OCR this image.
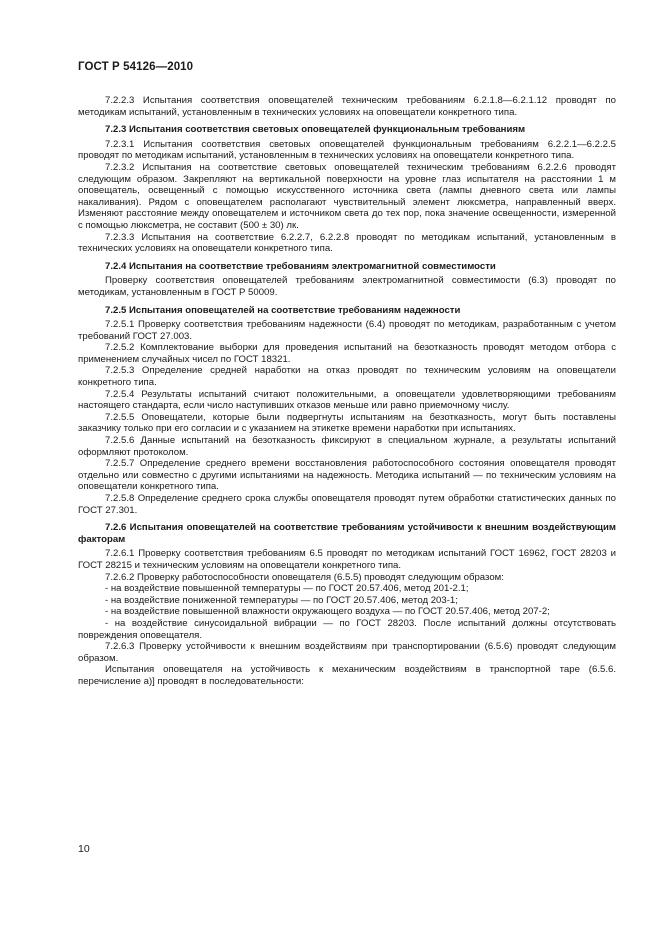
ГОСТ Р 54126—2010
7.2.2.3 Испытания соответствия оповещателей техническим требованиям 6.2.1.8—6.2.1.12 проводят по методикам испытаний, установленным в технических условиях на оповещатели конкретного типа.
7.2.3 Испытания соответствия световых оповещателей функциональным требованиям
7.2.3.1 Испытания соответствия световых оповещателей функциональным требованиям 6.2.2.1—6.2.2.5 проводят по методикам испытаний, установленным в технических условиях на оповещатели конкретного типа.
7.2.3.2 Испытания на соответствие световых оповещателей техническим требованиям 6.2.2.6 проводят следующим образом. Закрепляют на вертикальной поверхности на уровне глаз испытателя на расстоянии 1 м оповещатель, освещенный с помощью искусственного источника света (лампы дневного света или лампы накаливания). Рядом с оповещателем располагают чувствительный элемент люксметра, направленный вверх. Изменяют расстояние между оповещателем и источником света до тех пор, пока значение освещенности, измеренной с помощью люксметра, не составит (500 ± 30) лк.
7.2.3.3 Испытания на соответствие 6.2.2.7, 6.2.2.8 проводят по методикам испытаний, установленным в технических условиях на оповещатели конкретного типа.
7.2.4 Испытания на соответствие требованиям электромагнитной совместимости
Проверку соответствия оповещателей требованиям электромагнитной совместимости (6.3) проводят по методикам, установленным в ГОСТ Р 50009.
7.2.5 Испытания оповещателей на соответствие требованиям надежности
7.2.5.1 Проверку соответствия требованиям надежности (6.4) проводят по методикам, разработанным с учетом требований ГОСТ 27.003.
7.2.5.2 Комплектование выборки для проведения испытаний на безотказность проводят методом отбора с применением случайных чисел по ГОСТ 18321.
7.2.5.3 Определение средней наработки на отказ проводят по техническим условиям на оповещатели конкретного типа.
7.2.5.4 Результаты испытаний считают положительными, а оповещатели удовлетворяющими требованиям настоящего стандарта, если число наступивших отказов меньше или равно приемочному числу.
7.2.5.5 Оповещатели, которые были подвергнуты испытаниям на безотказность, могут быть поставлены заказчику только при его согласии и с указанием на этикетке времени наработки при испытаниях.
7.2.5.6 Данные испытаний на безотказность фиксируют в специальном журнале, а результаты испытаний оформляют протоколом.
7.2.5.7 Определение среднего времени восстановления работоспособного состояния оповещателя проводят отдельно или совместно с другими испытаниями на надежность. Методика испытаний — по техническим условиям на оповещатели конкретного типа.
7.2.5.8 Определение среднего срока службы оповещателя проводят путем обработки статистических данных по ГОСТ 27.301.
7.2.6 Испытания оповещателей на соответствие требованиям устойчивости к внешним воздействующим факторам
7.2.6.1 Проверку соответствия требованиям 6.5 проводят по методикам испытаний ГОСТ 16962, ГОСТ 28203 и ГОСТ 28215 и техническим условиям на оповещатели конкретного типа.
7.2.6.2 Проверку работоспособности оповещателя (6.5.5) проводят следующим образом:
- на воздействие повышенной температуры — по ГОСТ 20.57.406, метод 201-2.1;
- на воздействие пониженной температуры — по ГОСТ 20.57.406, метод 203-1;
- на воздействие повышенной влажности окружающего воздуха — по ГОСТ 20.57.406, метод 207-2;
- на воздействие синусоидальной вибрации — по ГОСТ 28203. После испытаний должны отсутствовать повреждения оповещателя.
7.2.6.3 Проверку устойчивости к внешним воздействиям при транспортировании (6.5.6) проводят следующим образом.
Испытания оповещателя на устойчивость к механическим воздействиям в транспортной таре (6.5.6. перечисление а)] проводят в последовательности:
10
